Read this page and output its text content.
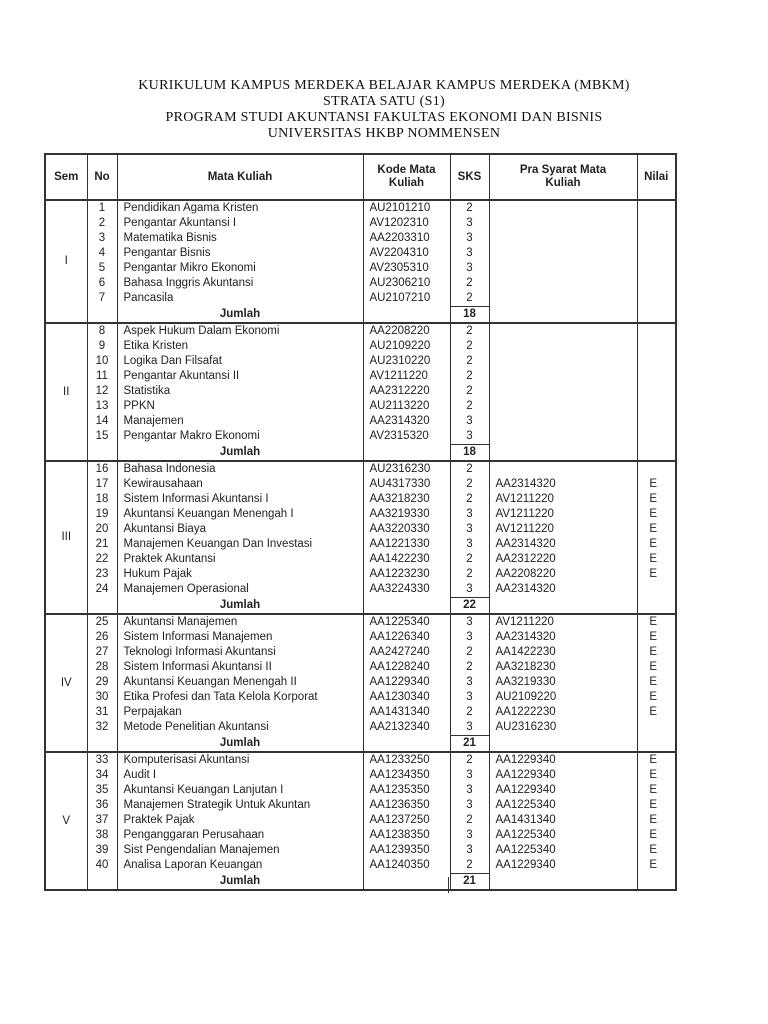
KURIKULUM KAMPUS MERDEKA BELAJAR KAMPUS MERDEKA (MBKM)
STRATA SATU (S1)
PROGRAM STUDI AKUNTANSI FAKULTAS EKONOMI DAN BISNIS
UNIVERSITAS HKBP NOMMENSEN
Sem	No	Mata Kuliah	Kode Mata Kuliah	SKS	Pra Syarat Mata Kuliah	Nilai
I	1	Pendidikan Agama Kristen	AU2101210	2		
	2	Pengantar Akuntansi I	AV1202310	3		
	3	Matematika Bisnis	AA2203310	3		
	4	Pengantar Bisnis	AV2204310	3		
	5	Pengantar Mikro Ekonomi	AV2305310	3		
	6	Bahasa Inggris Akuntansi	AU2306210	2		
	7	Pancasila	AU2107210	2		
		Jumlah		18		
II	8	Aspek Hukum Dalam Ekonomi	AA2208220	2		
	9	Etika Kristen	AU2109220	2		
	10	Logika Dan Filsafat	AU2310220	2		
	11	Pengantar Akuntansi II	AV1211220	2		
	12	Statistika	AA2312220	2		
	13	PPKN	AU2113220	2		
	14	Manajemen	AA2314320	3		
	15	Pengantar Makro Ekonomi	AV2315320	3		
		Jumlah		18		
III	16	Bahasa Indonesia	AU2316230	2		
	17	Kewirausahaan	AU4317330	2	AA2314320	E
	18	Sistem Informasi Akuntansi I	AA3218230	2	AV1211220	E
	19	Akuntansi Keuangan Menengah I	AA3219330	3	AV1211220	E
	20	Akuntansi Biaya	AA3220330	3	AV1211220	E
	21	Manajemen Keuangan Dan Investasi	AA1221330	3	AA2314320	E
	22	Praktek Akuntansi	AA1422230	2	AA2312220	E
	23	Hukum Pajak	AA1223230	2	AA2208220	E
	24	Manajemen Operasional	AA3224330	3	AA2314320	
		Jumlah		22		
IV	25	Akuntansi Manajemen	AA1225340	3	AV1211220	E
	26	Sistem Informasi Manajemen	AA1226340	3	AA2314320	E
	27	Teknologi Informasi Akuntansi	AA2427240	2	AA1422230	E
	28	Sistem Informasi Akuntansi II	AA1228240	2	AA3218230	E
	29	Akuntansi Keuangan Menengah II	AA1229340	3	AA3219330	E
	30	Etika Profesi dan Tata Kelola Korporat	AA1230340	3	AU2109220	E
	31	Perpajakan	AA1431340	2	AA1222230	E
	32	Metode Penelitian Akuntansi	AA2132340	3	AU2316230	
		Jumlah		21		
V	33	Komputerisasi Akuntansi	AA1233250	2	AA1229340	E
	34	Audit I	AA1234350	3	AA1229340	E
	35	Akuntansi Keuangan Lanjutan I	AA1235350	3	AA1229340	E
	36	Manajemen Strategik Untuk Akuntan	AA1236350	3	AA1225340	E
	37	Praktek Pajak	AA1237250	2	AA1431340	E
	38	Penganggaran Perusahaan	AA1238350	3	AA1225340	E
	39	Sist Pengendalian Manajemen	AA1239350	3	AA1225340	E
	40	Analisa Laporan Keuangan	AA1240350	2	AA1229340	E
		Jumlah		21		
